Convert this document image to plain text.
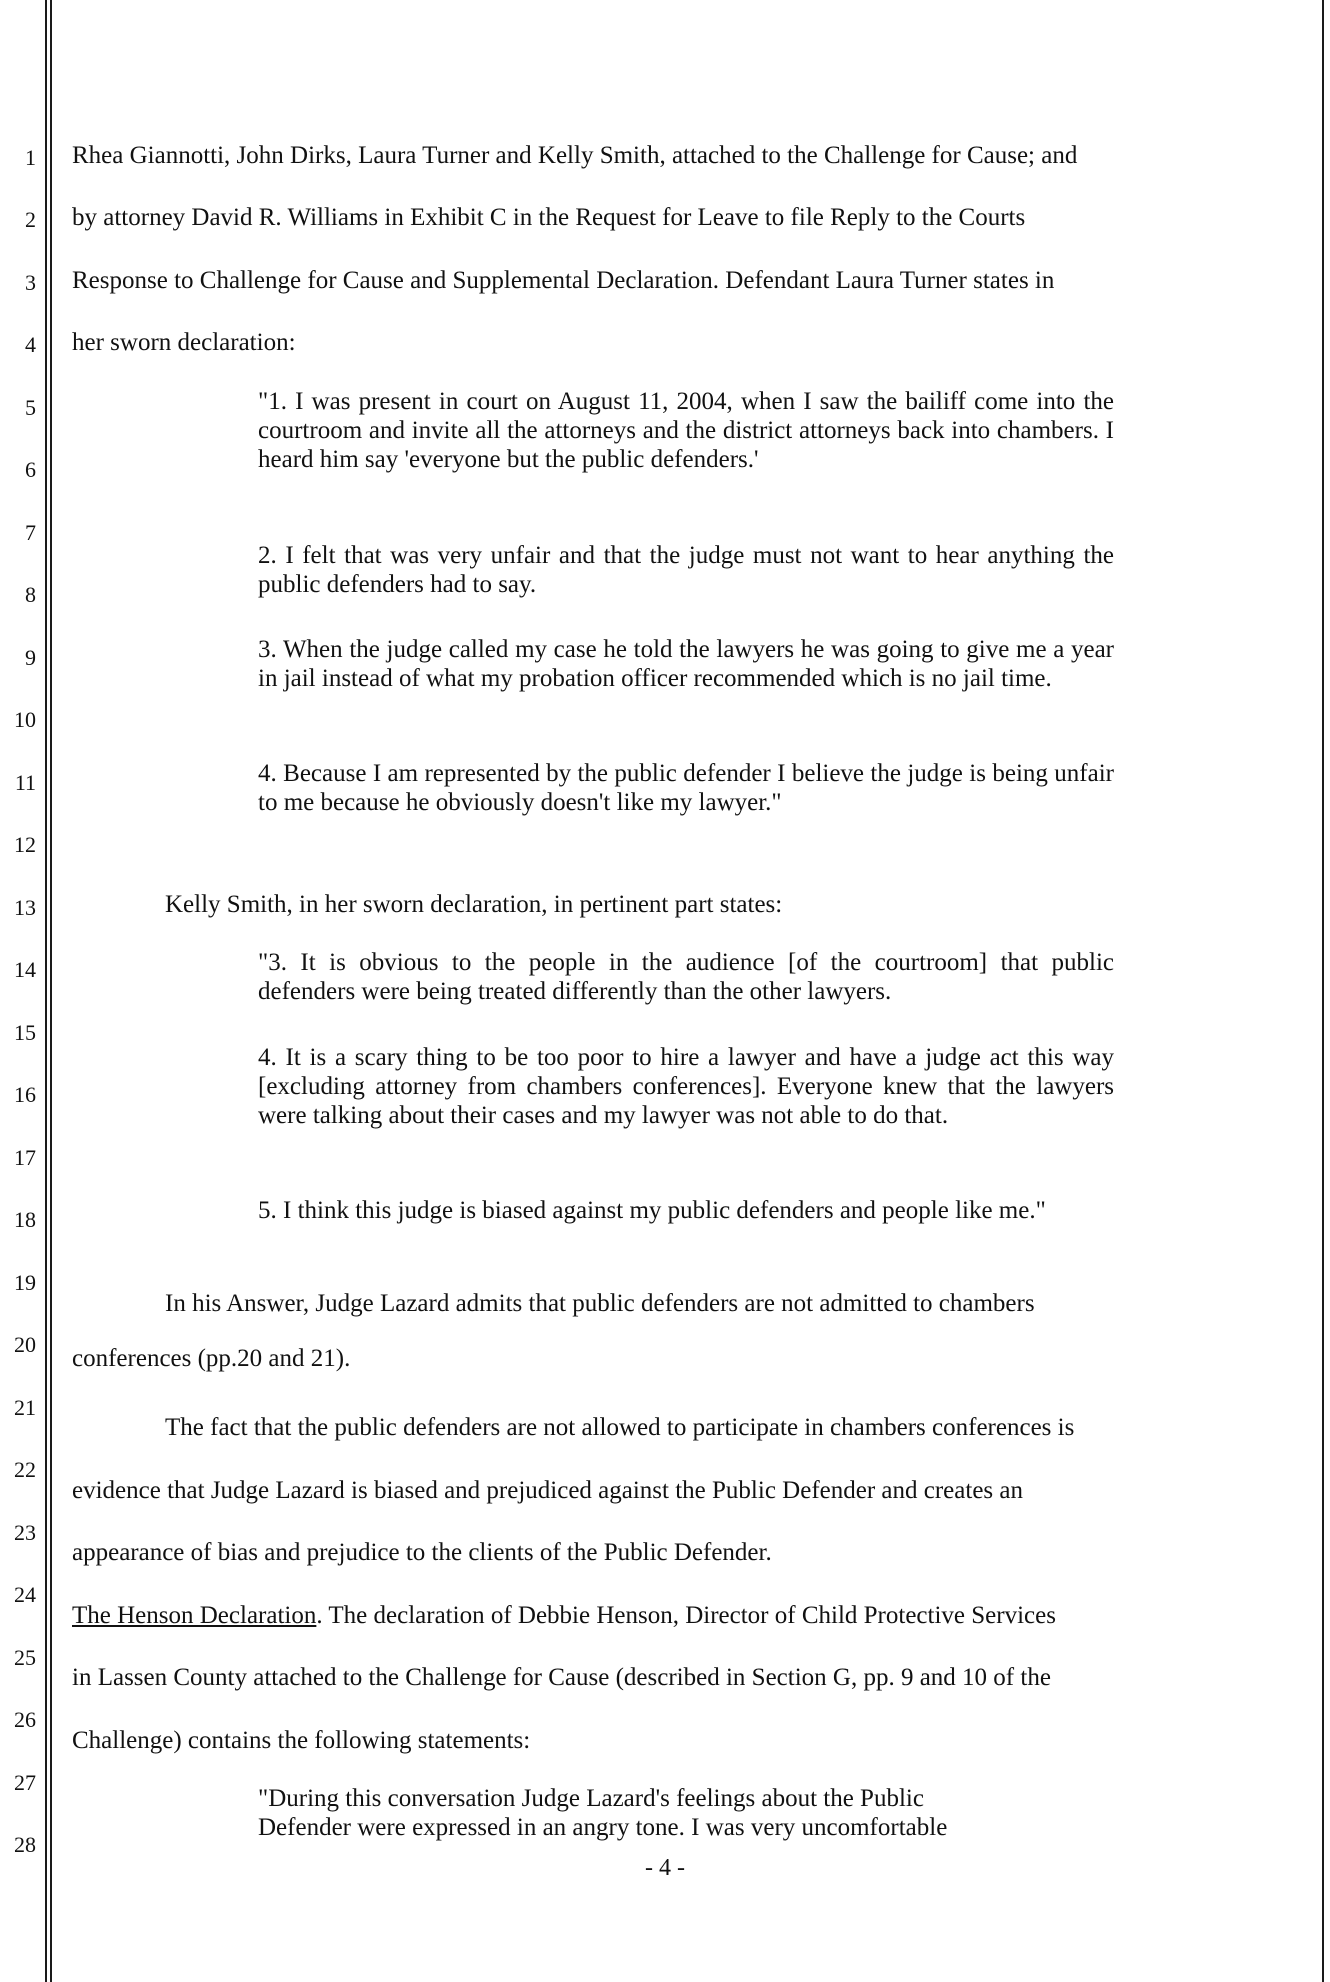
1
2
3
4
5
6
7
8
9
10
11
12
13
14
15
16
17
18
19
20
21
22
23
24
25
26
27
28
Rhea Giannotti, John Dirks, Laura Turner and Kelly Smith, attached to the Challenge for Cause; and
by attorney David R. Williams in Exhibit C in the Request for Leave to file Reply to the Courts
Response to Challenge for Cause and Supplemental Declaration. Defendant Laura Turner states in
her sworn declaration:
"1. I was present in court on August 11, 2004, when I saw the bailiff come into the courtroom and invite all the attorneys and the district attorneys back into chambers. I heard him say 'everyone but the public defenders.'
2. I felt that was very unfair and that the judge must not want to hear anything the public defenders had to say.
3. When the judge called my case he told the lawyers he was going to give me a year in jail instead of what my probation officer recommended which is no jail time.
4. Because I am represented by the public defender I believe the judge is being unfair to me because he obviously doesn't like my lawyer."
Kelly Smith, in her sworn declaration, in pertinent part states:
"3. It is obvious to the people in the audience [of the courtroom] that public defenders were being treated differently than the other lawyers.
4. It is a scary thing to be too poor to hire a lawyer and have a judge act this way [excluding attorney from chambers conferences]. Everyone knew that the lawyers were talking about their cases and my lawyer was not able to do that.
5. I think this judge is biased against my public defenders and people like me."
In his Answer, Judge Lazard admits that public defenders are not admitted to chambers
conferences (pp.20 and 21).
The fact that the public defenders are not allowed to participate in chambers conferences is
evidence that Judge Lazard is biased and prejudiced against the Public Defender and creates an
appearance of bias and prejudice to the clients of the Public Defender.
The Henson Declaration. The declaration of Debbie Henson, Director of Child Protective Services
in Lassen County attached to the Challenge for Cause (described in Section G, pp. 9 and 10 of the
Challenge) contains the following statements:
"During this conversation Judge Lazard's feelings about the Public
Defender were expressed in an angry tone. I was very uncomfortable
- 4 -
